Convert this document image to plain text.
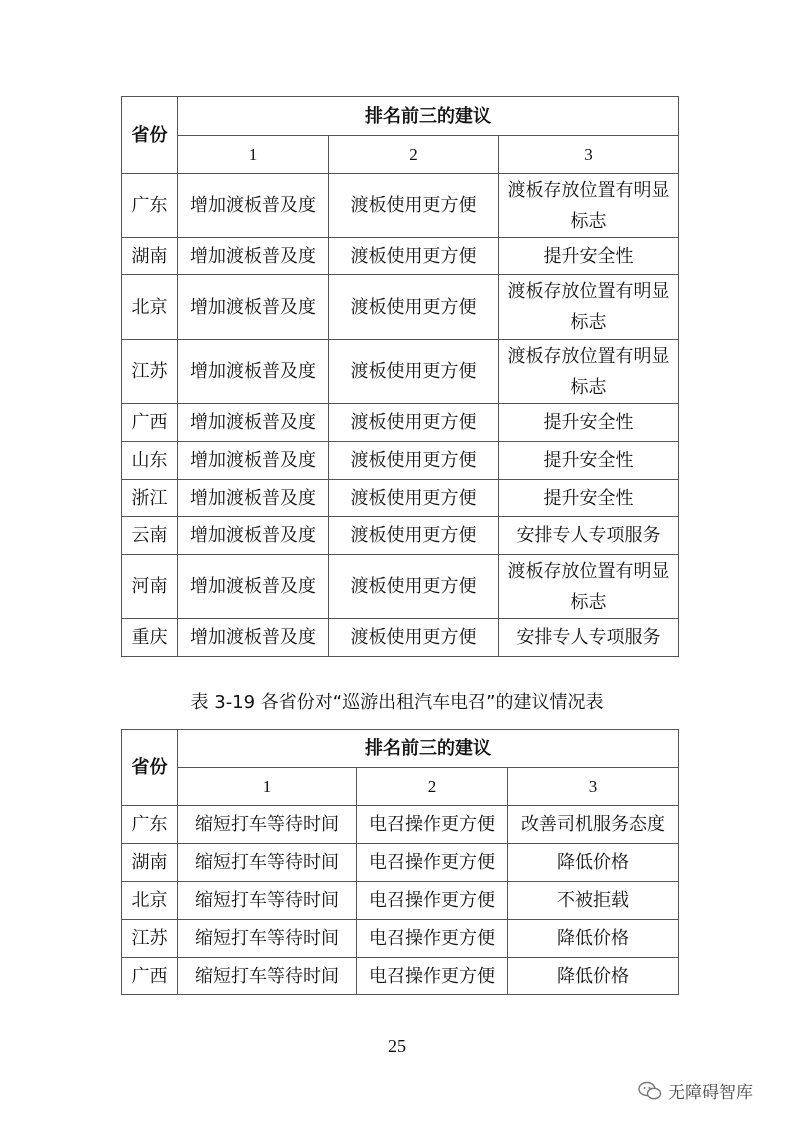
省份	排名前三的建议		
	1	2	3
广东	增加渡板普及度	渡板使用更方便	渡板存放位置有明显标志
湖南	增加渡板普及度	渡板使用更方便	提升安全性
北京	增加渡板普及度	渡板使用更方便	渡板存放位置有明显标志
江苏	增加渡板普及度	渡板使用更方便	渡板存放位置有明显标志
广西	增加渡板普及度	渡板使用更方便	提升安全性
山东	增加渡板普及度	渡板使用更方便	提升安全性
浙江	增加渡板普及度	渡板使用更方便	提升安全性
云南	增加渡板普及度	渡板使用更方便	安排专人专项服务
河南	增加渡板普及度	渡板使用更方便	渡板存放位置有明显标志
重庆	增加渡板普及度	渡板使用更方便	安排专人专项服务
表 3-19 各省份对“巡游出租汽车电召”的建议情况表
省份	排名前三的建议		
	1	2	3
广东	缩短打车等待时间	电召操作更方便	改善司机服务态度
湖南	缩短打车等待时间	电召操作更方便	降低价格
北京	缩短打车等待时间	电召操作更方便	不被拒载
江苏	缩短打车等待时间	电召操作更方便	降低价格
广西	缩短打车等待时间	电召操作更方便	降低价格
25
无障碍智库
